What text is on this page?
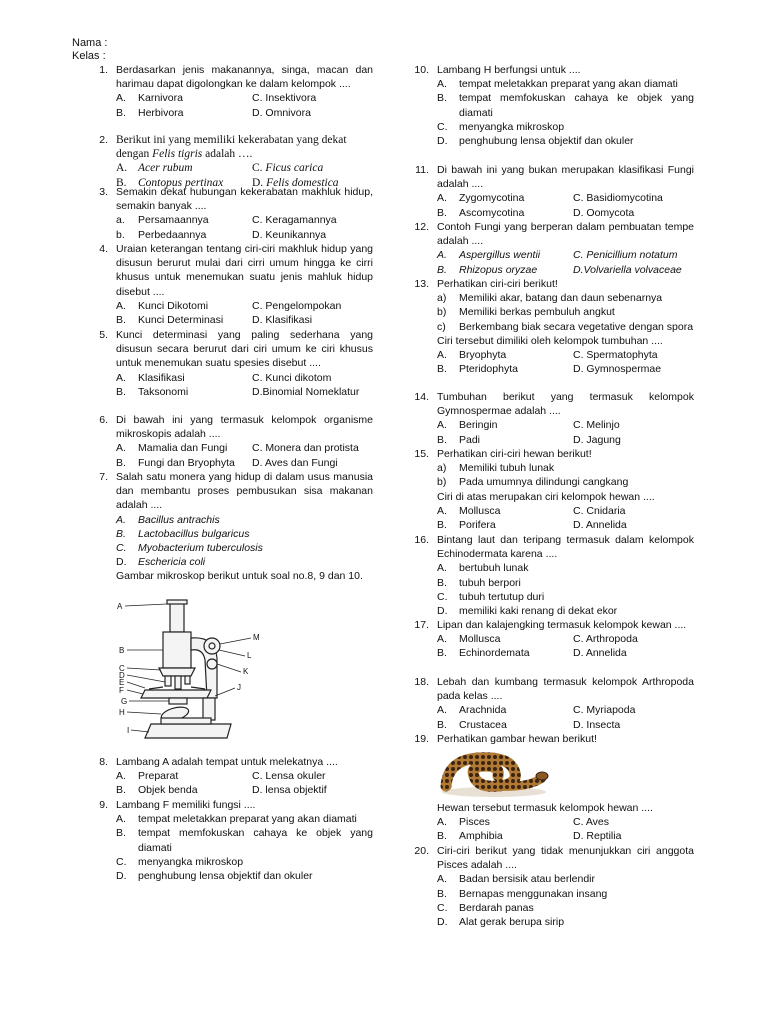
Nama :
Kelas :
1. Berdasarkan jenis makanannya, singa, macan dan harimau dapat digolongkan ke dalam kelompok ....
A.	Karnivora	C. Insektivora
B.	Herbivora	D. Omnivora
2. Berikut ini yang memiliki kekerabatan yang dekat
dengan Felis tigris adalah ….
A. Acer rubum	C. Ficus carica
B. Contopus pertinax D. Felis domestica
3. Semakin dekat hubungan kekerabatan makhluk hidup, semakin banyak ....
a.	Persamaannya	C. Keragamannya
b.	Perbedaannya	D. Keunikannya
4. Uraian keterangan tentang ciri-ciri makhluk hidup yang disusun berurut mulai dari cirri umum hingga ke cirri khusus untuk menemukan suatu jenis mahluk hidup disebut ....
A.	Kunci Dikotomi	C. Pengelompokan
B.	Kunci Determinasi	D. Klasifikasi
5. Kunci determinasi yang paling sederhana yang disusun secara berurut dari ciri umum ke ciri khusus untuk menemukan suatu spesies disebut ....
A.	Klasifikasi	C. Kunci dikotom
B.	Taksonomi	D.Binomial Nomeklatur
6. Di bawah ini yang termasuk kelompok organisme mikroskopis adalah ....
A.	Mamalia dan Fungi C. Monera dan protista
B.	Fungi dan Bryophyta D. Aves dan Fungi
7. Salah satu monera yang hidup di dalam usus manusia dan membantu proses pembusukan sisa makanan adalah ....
A.	Bacillus antrachis
B.	Lactobacillus bulgaricus
C.	Myobacterium tuberculosis
D.	Eschericia coli
Gambar mikroskop berikut untuk soal no.8, 9 dan 10.
A
B
C
D
E
F
G
H
I
J
K
L
M
8. Lambang A adalah tempat untuk melekatnya ....
A.	Preparat	C. Lensa okuler
B.	Objek benda	D. lensa objektif
9. Lambang F memiliki fungsi ....
A.	tempat meletakkan preparat yang akan diamati
B.	tempat memfokuskan cahaya ke objek yang diamati
C.	menyangka mikroskop
D.	penghubung lensa objektif dan okuler
10. Lambang H berfungsi untuk ....
A.	tempat meletakkan preparat yang akan diamati
B.	tempat memfokuskan cahaya ke objek yang diamati
C.	menyangka mikroskop
D.	penghubung lensa objektif dan okuler
11. Di bawah ini yang bukan merupakan klasifikasi Fungi adalah ....
A.	Zygomycotina	C. Basidiomycotina
B.	Ascomycotina	D. Oomycota
12. Contoh Fungi yang berperan dalam pembuatan tempe adalah ....
A.	Aspergillus wentii	C. Penicillium notatum
B.	Rhizopus oryzae	D.Volvariella volvaceae
13. Perhatikan ciri-ciri berikut!
a)	Memiliki akar, batang dan daun sebenarnya
b)	Memiliki berkas pembuluh angkut
c)	Berkembang biak secara vegetative dengan spora
Ciri tersebut dimiliki oleh kelompok tumbuhan ....
A.	Bryophyta	C. Spermatophyta
B.	Pteridophyta	D. Gymnospermae
14. Tumbuhan berikut yang termasuk kelompok Gymnospermae adalah ....
A.	Beringin	C. Melinjo
B.	Padi	D. Jagung
15. Perhatikan ciri-ciri hewan berikut!
a)	Memiliki tubuh lunak
b)	Pada umumnya dilindungi cangkang
Ciri di atas merupakan ciri kelompok hewan ....
A.	Mollusca	C. Cnidaria
B.	Porifera	D. Annelida
16. Bintang laut dan teripang termasuk dalam kelompok Echinodermata karena ....
A.	bertubuh lunak
B.	tubuh berpori
C.	tubuh tertutup duri
D.	memiliki kaki renang di dekat ekor
17. Lipan dan kalajengking termasuk kelompok kewan ....
A.	Mollusca	C. Arthropoda
B.	Echinordemata	D. Annelida
18. Lebah dan kumbang termasuk kelompok Arthropoda pada kelas ....
A.	Arachnida	C. Myriapoda
B.	Crustacea	D. Insecta
19. Perhatikan gambar hewan berikut!
Hewan tersebut termasuk kelompok hewan ....
A.	Pisces	C. Aves
B.	Amphibia	D. Reptilia
20. Ciri-ciri berikut yang tidak menunjukkan ciri anggota Pisces adalah ....
A.	Badan bersisik atau berlendir
B.	Bernapas menggunakan insang
C.	Berdarah panas
D.	Alat gerak berupa sirip
